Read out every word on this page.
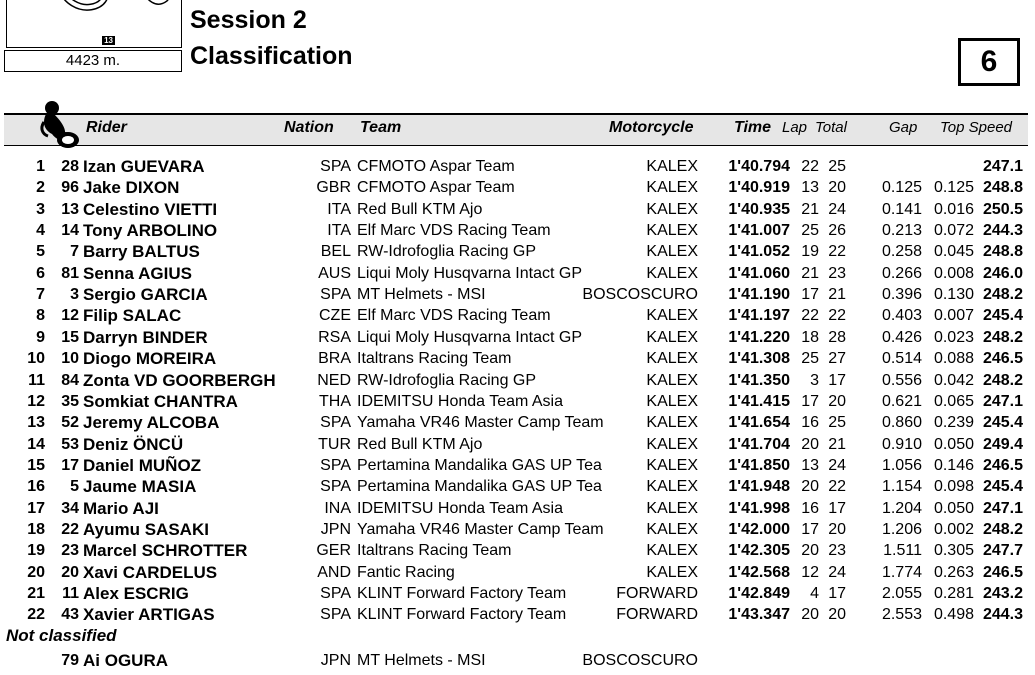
13
4423 m.
Session 2
Classification	6
Rider	Nation Team	Motorcycle	Time Lap Total	Gap Top Speed
1 28 Izan GUEVARA	SPA CFMOTO Aspar Team	KALEX 1'40.794 22 25	247.1
2 96 Jake DIXON	GBR CFMOTO Aspar Team	KALEX 1'40.919 13 20 0.125 0.125 248.8
3 13 Celestino VIETTI	ITA Red Bull KTM Ajo	KALEX 1'40.935 21 24 0.141 0.016 250.5
4 14 Tony ARBOLINO	ITA Elf Marc VDS Racing Team	KALEX 1'41.007 25 26 0.213 0.072 244.3
5 7 Barry BALTUS	BEL RW-Idrofoglia Racing GP	KALEX 1'41.052 19 22 0.258 0.045 248.8
6 81 Senna AGIUS	AUS Liqui Moly Husqvarna Intact GP	KALEX 1'41.060 21 23 0.266 0.008 246.0
7 3 Sergio GARCIA	SPA MT Helmets - MSI	BOSCOSCURO 1'41.190 17 21 0.396 0.130 248.2
8 12 Filip SALAC	CZE Elf Marc VDS Racing Team	KALEX 1'41.197 22 22 0.403 0.007 245.4
9 15 Darryn BINDER	RSA Liqui Moly Husqvarna Intact GP	KALEX 1'41.220 18 28 0.426 0.023 248.2
10 10 Diogo MOREIRA	BRA Italtrans Racing Team	KALEX 1'41.308 25 27 0.514 0.088 246.5
11 84 Zonta VD GOORBERGH	NED RW-Idrofoglia Racing GP	KALEX 1'41.350 3 17 0.556 0.042 248.2
12 35 Somkiat CHANTRA	THA IDEMITSU Honda Team Asia	KALEX 1'41.415 17 20 0.621 0.065 247.1
13 52 Jeremy ALCOBA	SPA Yamaha VR46 Master Camp Team	KALEX 1'41.654 16 25 0.860 0.239 245.4
14 53 Deniz ÖNCÜ	TUR Red Bull KTM Ajo	KALEX 1'41.704 20 21 0.910 0.050 249.4
15 17 Daniel MUÑOZ	SPA Pertamina Mandalika GAS UP Tea	KALEX 1'41.850 13 24 1.056 0.146 246.5
16 5 Jaume MASIA	SPA Pertamina Mandalika GAS UP Tea	KALEX 1'41.948 20 22 1.154 0.098 245.4
17 34 Mario AJI	INA IDEMITSU Honda Team Asia	KALEX 1'41.998 16 17 1.204 0.050 247.1
18 22 Ayumu SASAKI	JPN Yamaha VR46 Master Camp Team	KALEX 1'42.000 17 20 1.206 0.002 248.2
19 23 Marcel SCHROTTER	GER Italtrans Racing Team	KALEX 1'42.305 20 23 1.511 0.305 247.7
20 20 Xavi CARDELUS	AND Fantic Racing	KALEX 1'42.568 12 24 1.774 0.263 246.5
21 11 Alex ESCRIG	SPA KLINT Forward Factory Team	FORWARD 1'42.849 4 17 2.055 0.281 243.2
22 43 Xavier ARTIGAS	SPA KLINT Forward Factory Team	FORWARD 1'43.347 20 20 2.553 0.498 244.3
Not classified
79 Ai OGURA	JPN MT Helmets - MSI	BOSCOSCURO
